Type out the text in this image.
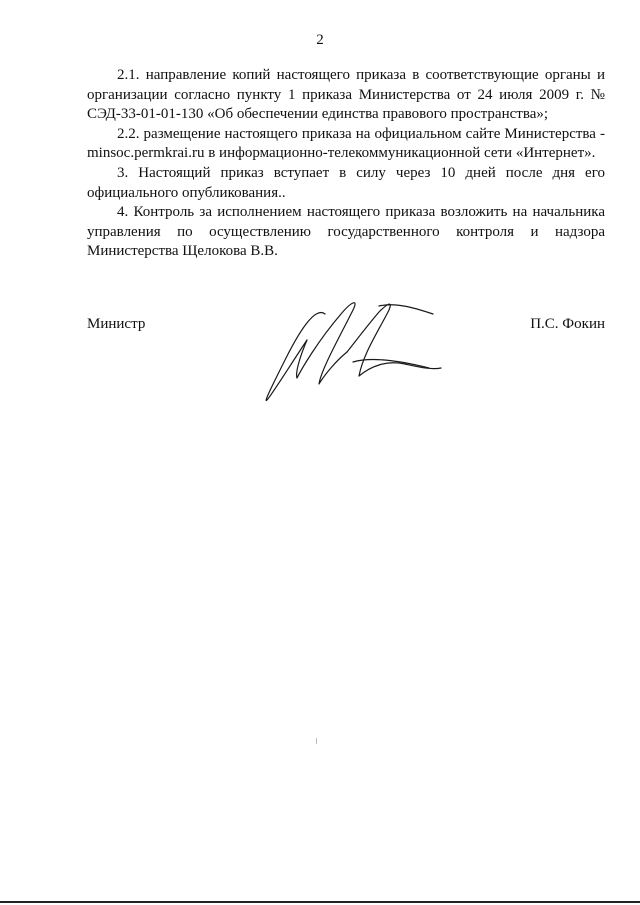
2

2.1. направление копий настоящего приказа в соответствующие органы и организации согласно пункту 1 приказа Министерства от 24 июля 2009 г. № СЭД-33-01-01-130 «Об обеспечении единства правового пространства»;

2.2. размещение настоящего приказа на официальном сайте Министерства - minsoc.permkrai.ru в информационно-телекоммуникационной сети «Интернет».

3. Настоящий приказ вступает в силу через 10 дней после дня его официального опубликования..

4. Контроль за исполнением настоящего приказа возложить на начальника управления по осуществлению государственного контроля и надзора Министерства Щелокова В.В.

Министр	П.С. Фокин
